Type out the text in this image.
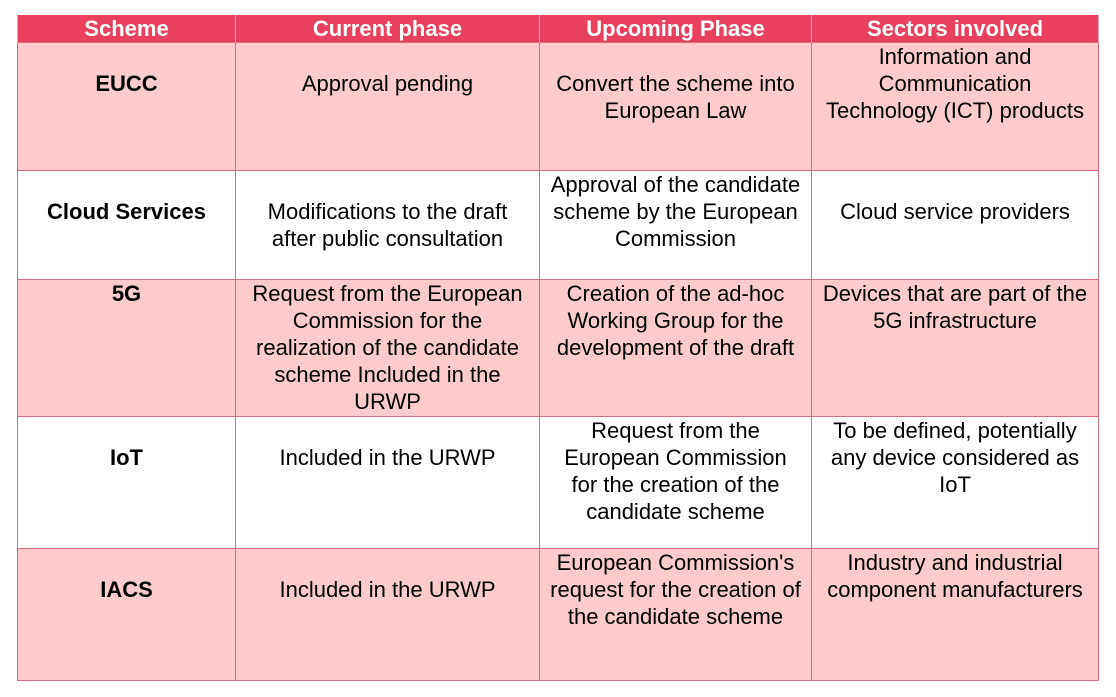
Scheme	Current phase	Upcoming Phase	Sectors involved

EUCC	Approval pending	Convert the scheme into European Law	Information and Communication Technology (ICT) products

Cloud Services	Modifications to the draft after public consultation	Approval of the candidate scheme by the European Commission	Cloud service providers

5G	Request from the European Commission for the realization of the candidate scheme Included in the URWP	Creation of the ad-hoc Working Group for the development of the draft	Devices that are part of the 5G infrastructure

IoT	Included in the URWP	Request from the European Commission for the creation of the candidate scheme	To be defined, potentially any device considered as IoT

IACS	Included in the URWP	European Commission's request for the creation of the candidate scheme	Industry and industrial component manufacturers
